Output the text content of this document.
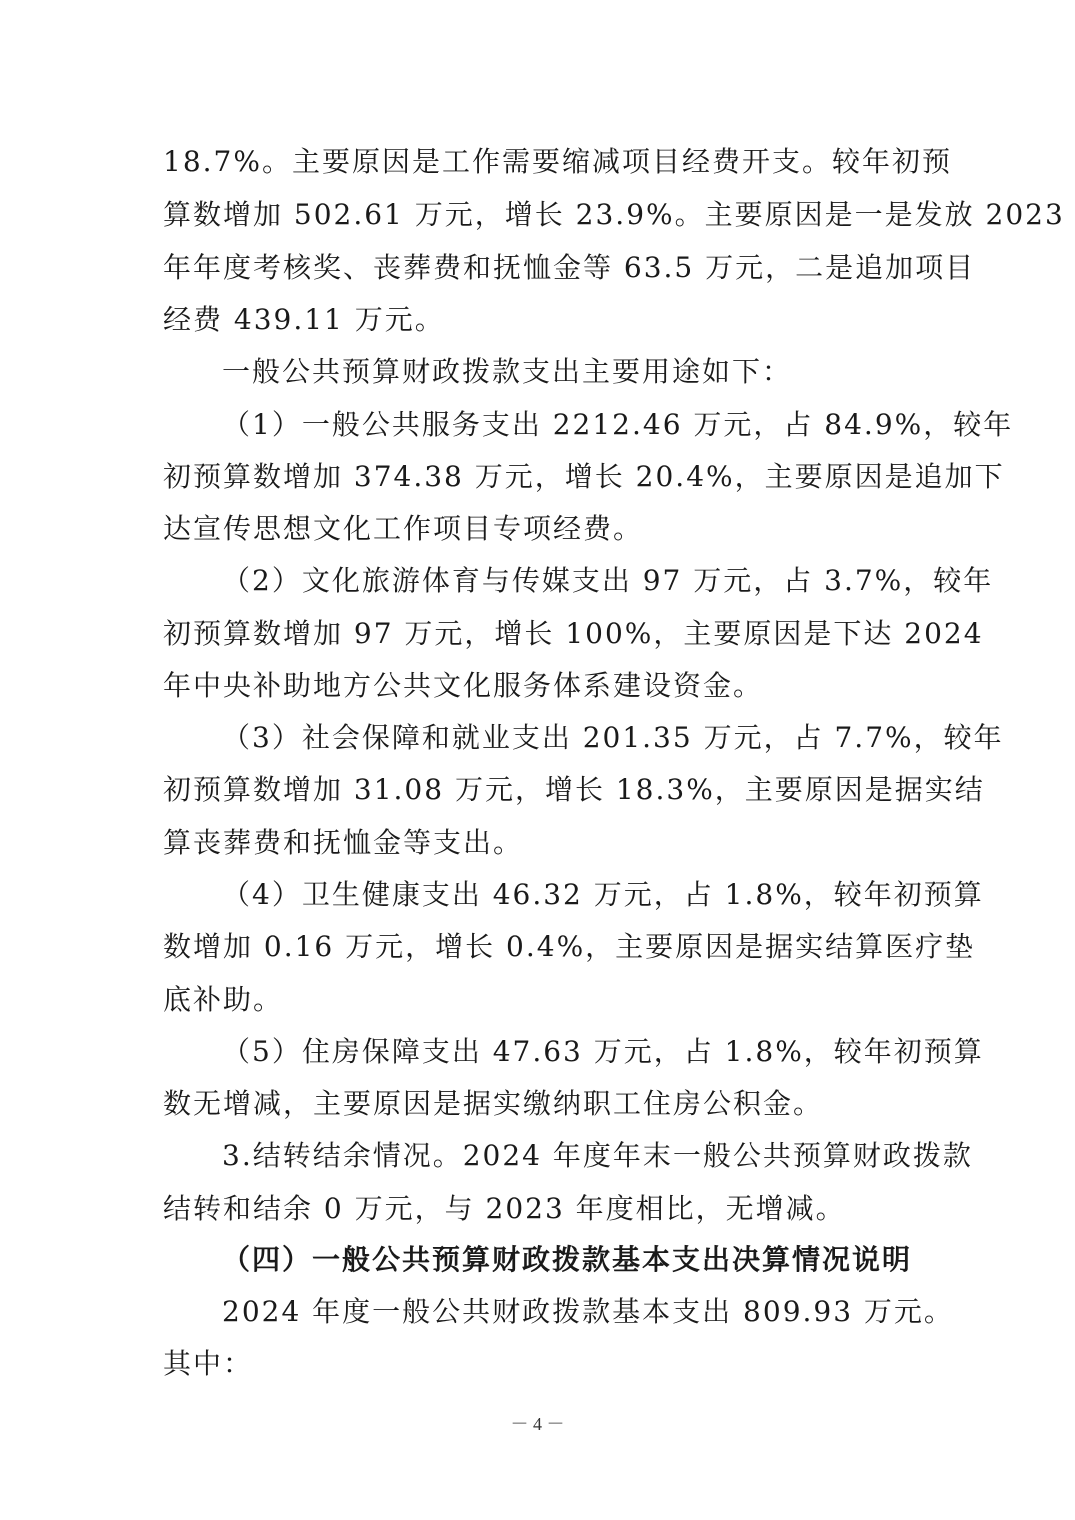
18.7%。主要原因是工作需要缩减项目经费开支。较年初预
算数增加 502.61 万元，增长 23.9%。主要原因是一是发放 2023
年年度考核奖、丧葬费和抚恤金等 63.5 万元，二是追加项目
经费 439.11 万元。
一般公共预算财政拨款支出主要用途如下：
（1）一般公共服务支出 2212.46 万元，占 84.9%，较年
初预算数增加 374.38 万元，增长 20.4%，主要原因是追加下
达宣传思想文化工作项目专项经费。
（2）文化旅游体育与传媒支出 97 万元，占 3.7%，较年
初预算数增加 97 万元，增长 100%，主要原因是下达 2024
年中央补助地方公共文化服务体系建设资金。
（3）社会保障和就业支出 201.35 万元，占 7.7%，较年
初预算数增加 31.08 万元，增长 18.3%，主要原因是据实结
算丧葬费和抚恤金等支出。
（4）卫生健康支出 46.32 万元，占 1.8%，较年初预算
数增加 0.16 万元，增长 0.4%，主要原因是据实结算医疗垫
底补助。
（5）住房保障支出 47.63 万元，占 1.8%，较年初预算
数无增减，主要原因是据实缴纳职工住房公积金。
3.结转结余情况。2024 年度年末一般公共预算财政拨款
结转和结余 0 万元，与 2023 年度相比，无增减。
（四）一般公共预算财政拨款基本支出决算情况说明
2024 年度一般公共财政拨款基本支出 809.93 万元。
其中：
－ 4 －
